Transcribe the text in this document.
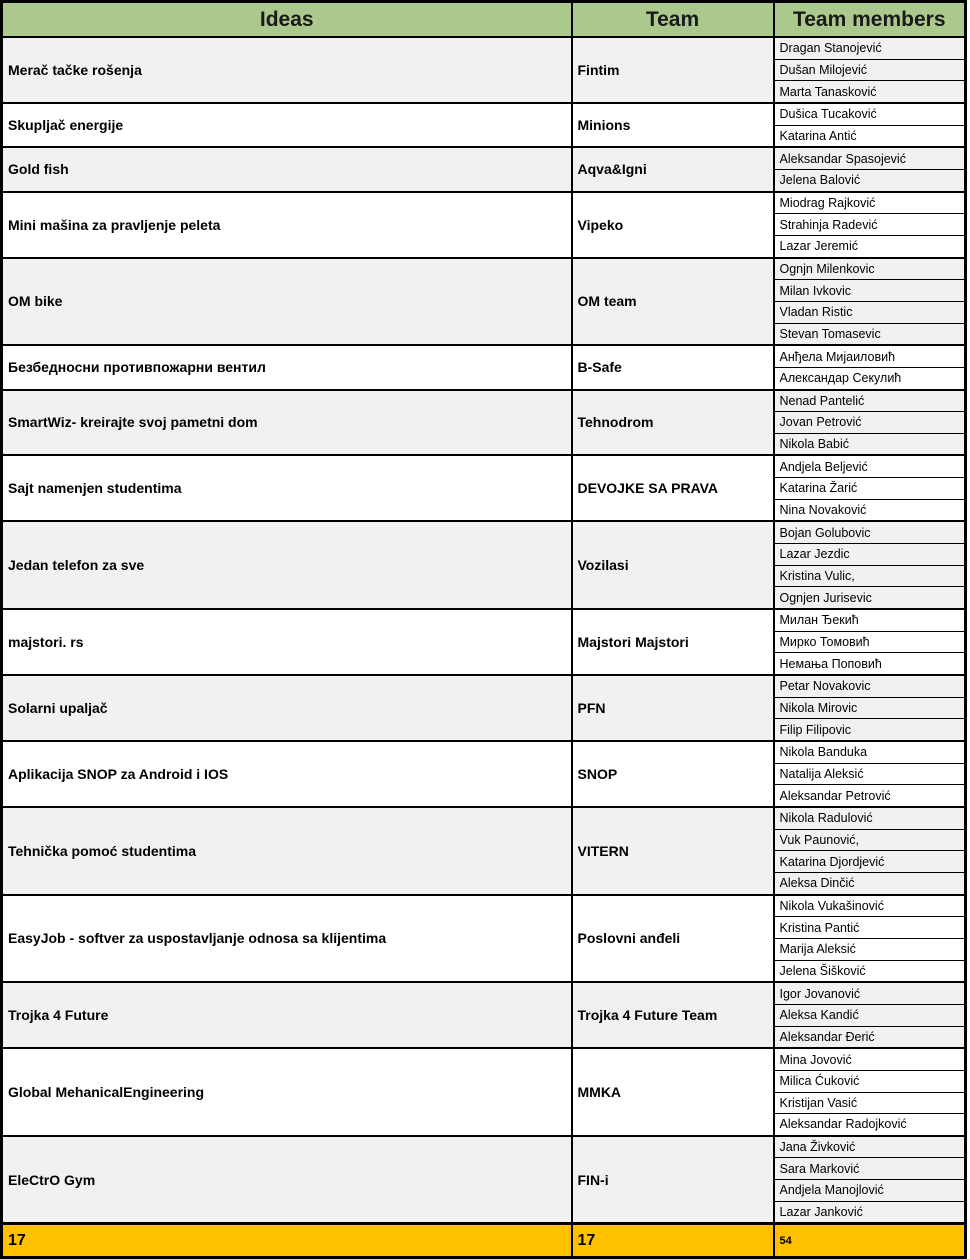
Ideas	Team	Team members
Merač tačke rošenja	Fintim	Dragan Stanojević
		Dušan Milojević
		Marta Tanasković
Skupljač energije	Minions	Dušica Tucaković
		Katarina Antić
Gold fish	Aqva&Igni	Aleksandar Spasojević
		Jelena Balović
Mini mašina za pravljenje peleta	Vipeko	Miodrag Rajković
		Strahinja Radević
		Lazar Jeremić
OM bike	OM team	Ognjn Milenkovic
		Milan Ivkovic
		Vladan Ristic
		Stevan Tomasevic
Безбедносни противпожарни вентил	B-Safe	Анђела Мијаиловић
		Александар Секулић
SmartWiz- kreirajte svoj pametni dom	Tehnodrom	Nenad Pantelić
		Jovan Petrović
		Nikola Babić
Sajt namenjen studentima	DEVOJKE SA PRAVA	Andjela Beljević
		Katarina Žarić
		Nina Novaković
Jedan telefon za sve	Vozilasi	Bojan Golubovic
		Lazar Jezdic
		Kristina Vulic,
		Ognjen Jurisevic
majstori. rs	Majstori Majstori	Милан Ђекић
		Мирко Томовић
		Немања Поповић
Solarni upaljač	PFN	Petar Novakovic
		Nikola Mirovic
		Filip Filipovic
Aplikacija SNOP za Android i IOS	SNOP	Nikola Banduka
		Natalija Aleksić
		Aleksandar Petrović
Tehnička pomoć studentima	VITERN	Nikola Radulović
		Vuk Paunović,
		Katarina Djordjević
		Aleksa Dinčić
EasyJob - softver za uspostavljanje odnosa sa klijentima	Poslovni anđeli	Nikola Vukašinović
		Kristina Pantić
		Marija Aleksić
		Jelena Šišković
Trojka 4 Future	Trojka 4 Future Team	Igor Jovanović
		Aleksa Kandić
		Aleksandar Đerić
Global MehanicalEngineering	MMKA	Mina Jovović
		Milica Ćuković
		Kristijan Vasić
		Aleksandar Radojković
EleCtrO Gym	FIN-i	Jana Živković
		Sara Marković
		Andjela Manojlović
		Lazar Janković
17	17	54
